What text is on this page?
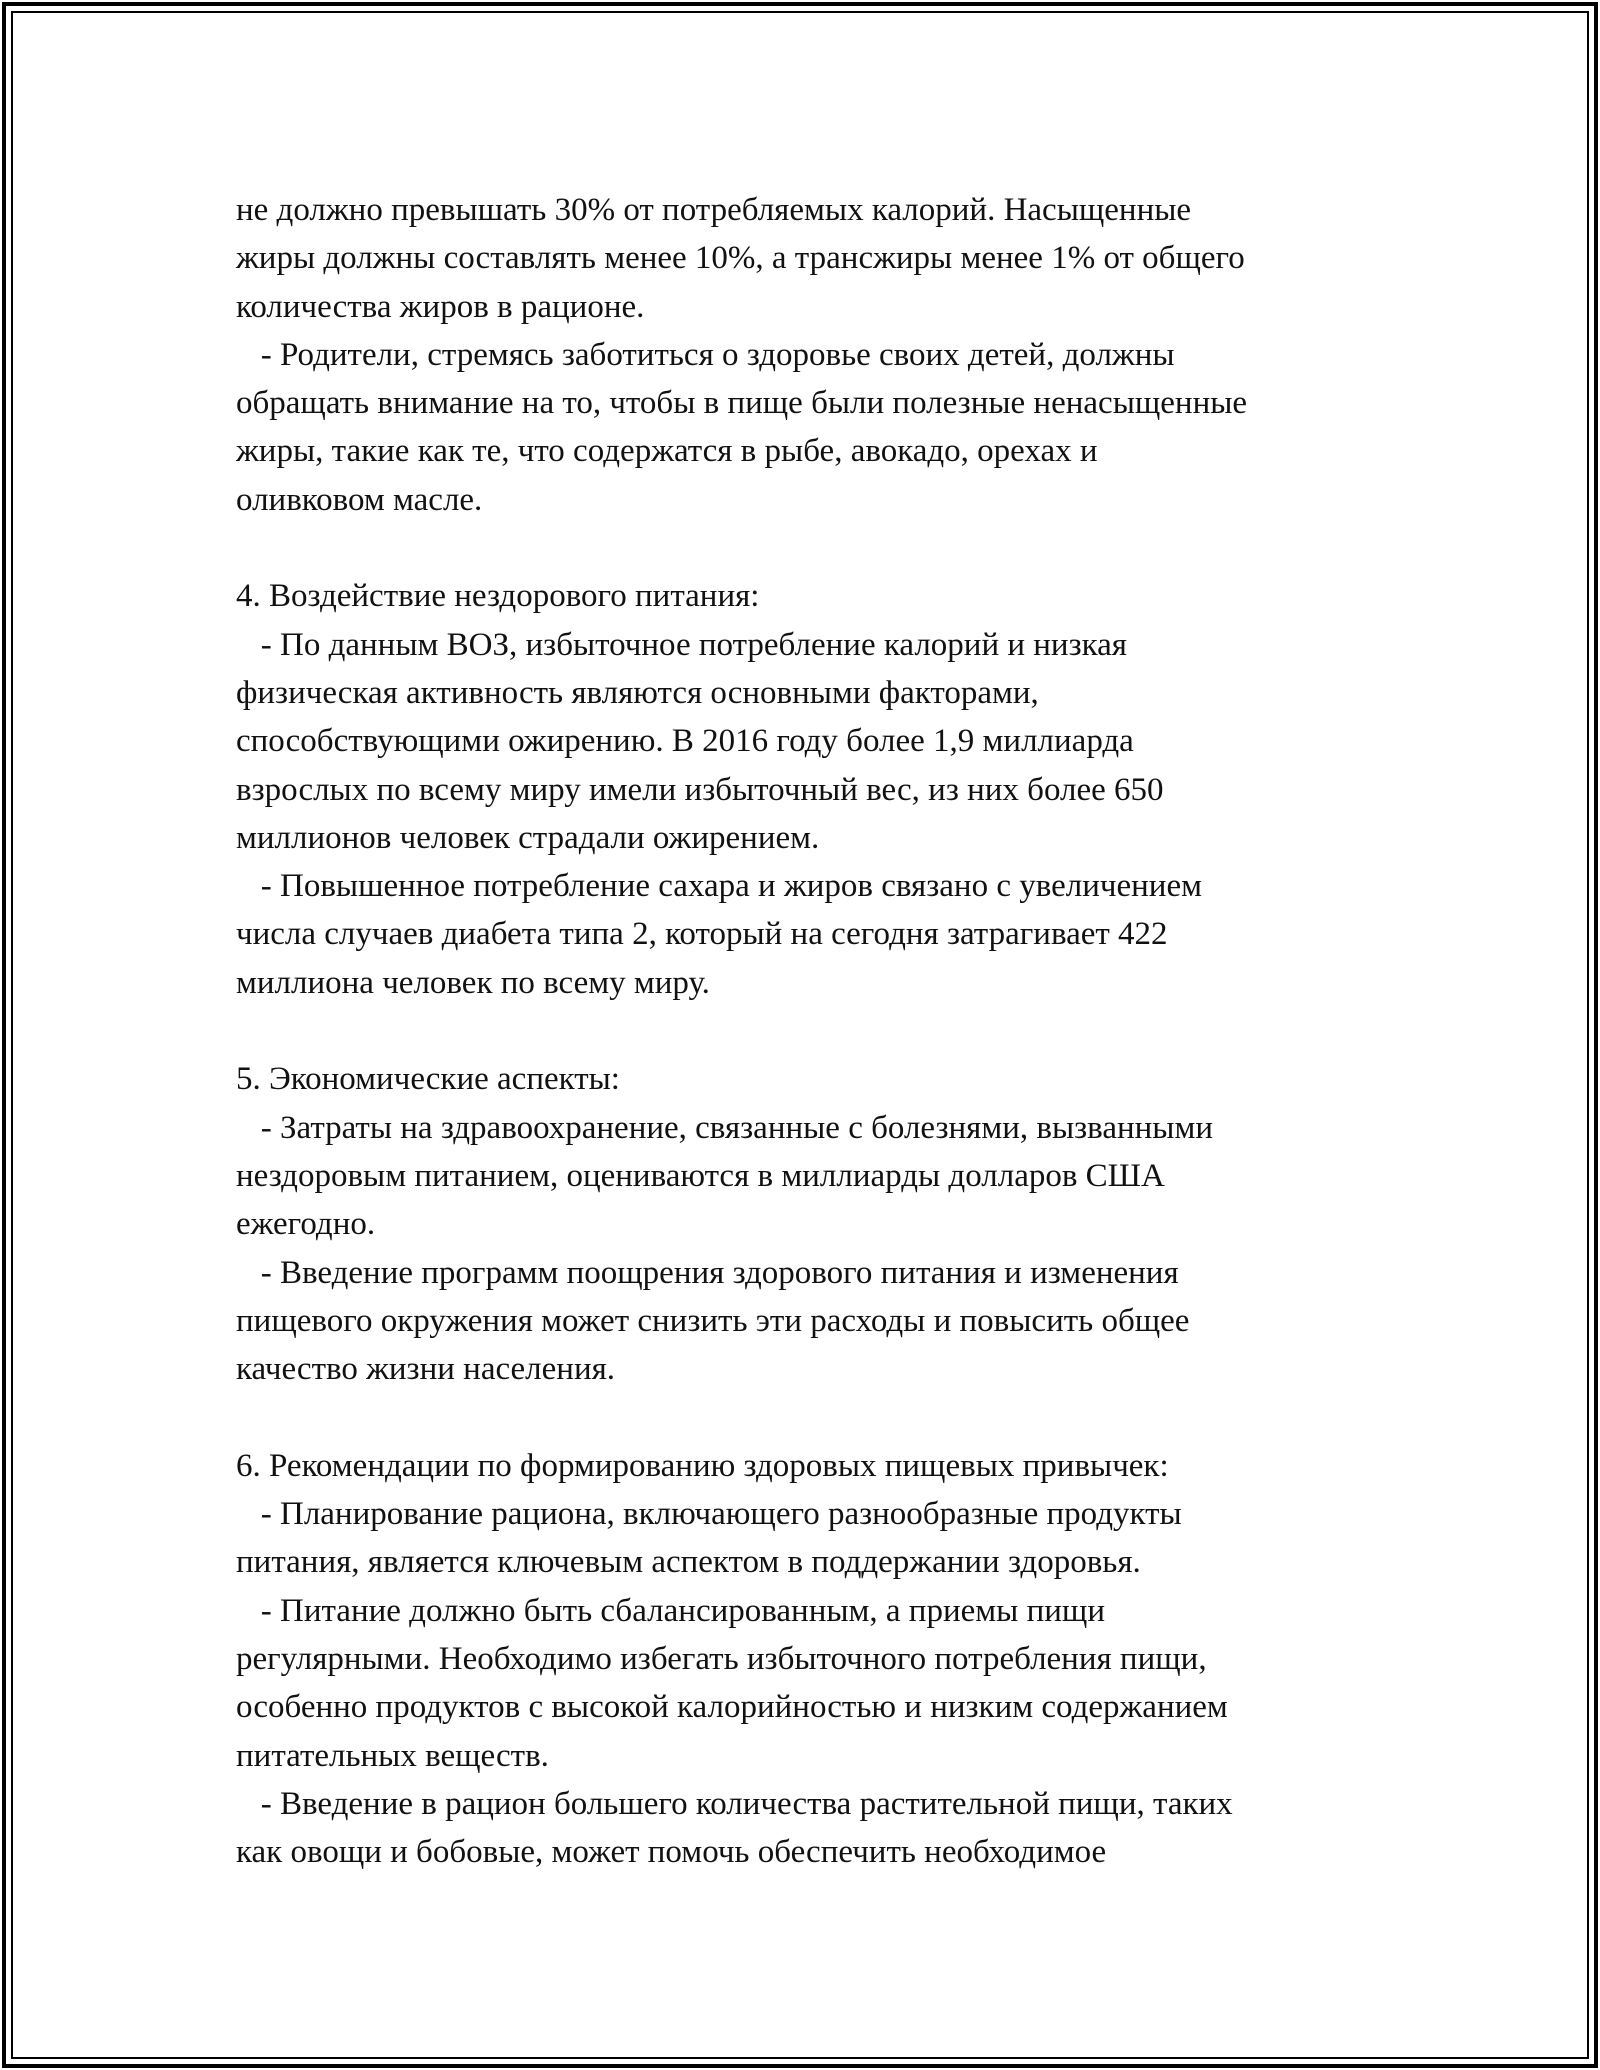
не должно превышать 30% от потребляемых калорий. Насыщенные
жиры должны составлять менее 10%, а трансжиры менее 1% от общего
количества жиров в рационе.
- Родители, стремясь заботиться о здоровье своих детей, должны
обращать внимание на то, чтобы в пище были полезные ненасыщенные
жиры, такие как те, что содержатся в рыбе, авокадо, орехах и
оливковом масле.
4. Воздействие нездорового питания:
- По данным ВОЗ, избыточное потребление калорий и низкая
физическая активность являются основными факторами,
способствующими ожирению. В 2016 году более 1,9 миллиарда
взрослых по всему миру имели избыточный вес, из них более 650
миллионов человек страдали ожирением.
- Повышенное потребление сахара и жиров связано с увеличением
числа случаев диабета типа 2, который на сегодня затрагивает 422
миллиона человек по всему миру.
5. Экономические аспекты:
- Затраты на здравоохранение, связанные с болезнями, вызванными
нездоровым питанием, оцениваются в миллиарды долларов США
ежегодно.
- Введение программ поощрения здорового питания и изменения
пищевого окружения может снизить эти расходы и повысить общее
качество жизни населения.
6. Рекомендации по формированию здоровых пищевых привычек:
- Планирование рациона, включающего разнообразные продукты
питания, является ключевым аспектом в поддержании здоровья.
- Питание должно быть сбалансированным, а приемы пищи
регулярными. Необходимо избегать избыточного потребления пищи,
особенно продуктов с высокой калорийностью и низким содержанием
питательных веществ.
- Введение в рацион большего количества растительной пищи, таких
как овощи и бобовые, может помочь обеспечить необходимое
